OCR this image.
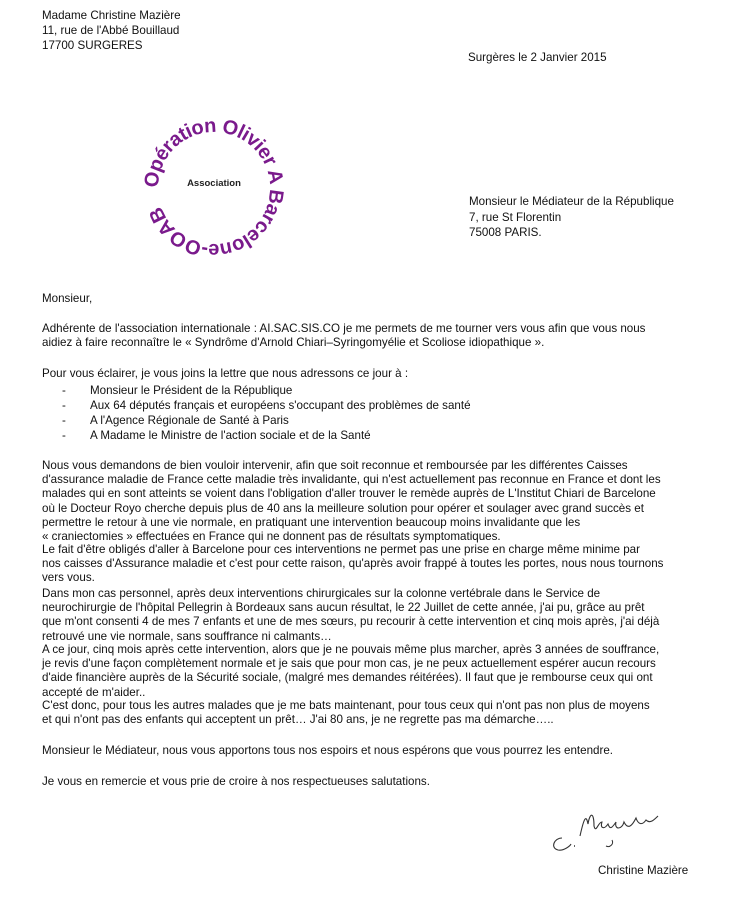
Madame Christine Mazière
11, rue de l'Abbé Bouillaud
17700 SURGERES
Surgères le 2 Janvier 2015
Opération Olivier A Barcelone-OOAB
Association
Monsieur le Médiateur de la République
7, rue St Florentin
75008 PARIS.
Monsieur,
Adhérente de l'association internationale : AI.SAC.SIS.CO je me permets de me tourner vers vous afin que vous nous
aidiez à faire reconnaître le « Syndrôme d'Arnold Chiari–Syringomyélie et Scoliose idiopathique ».
Pour vous éclairer, je vous joins la lettre que nous adressons ce jour à :
- Monsieur le Président de la République
- Aux 64 députés français et européens s'occupant des problèmes de santé
- A l'Agence Régionale de Santé à Paris
- A Madame le Ministre de l'action sociale et de la Santé
Nous vous demandons de bien vouloir intervenir, afin que soit reconnue et remboursée par les différentes Caisses
d'assurance maladie de France cette maladie très invalidante, qui n'est actuellement pas reconnue en France et dont les
malades qui en sont atteints se voient dans l'obligation d'aller trouver le remède auprès de L'Institut Chiari de Barcelone
où le Docteur Royo cherche depuis plus de 40 ans la meilleure solution pour opérer et soulager avec grand succès et
permettre le retour à une vie normale, en pratiquant une intervention beaucoup moins invalidante que les
« craniectomies » effectuées en France qui ne donnent pas de résultats symptomatiques.
Le fait d'être obligés d'aller à Barcelone pour ces interventions ne permet pas une prise en charge même minime par
nos caisses d'Assurance maladie et c'est pour cette raison, qu'après avoir frappé à toutes les portes, nous nous tournons
vers vous.
Dans mon cas personnel, après deux interventions chirurgicales sur la colonne vertébrale dans le Service de
neurochirurgie de l'hôpital Pellegrin à Bordeaux sans aucun résultat, le 22 Juillet de cette année, j'ai pu, grâce au prêt
que m'ont consenti 4 de mes 7 enfants et une de mes sœurs, pu recourir à cette intervention et cinq mois après, j'ai déjà
retrouvé une vie normale, sans souffrance ni calmants…
A ce jour, cinq mois après cette intervention, alors que je ne pouvais même plus marcher, après 3 années de souffrance,
je revis d'une façon complètement normale et je sais que pour mon cas, je ne peux actuellement espérer aucun recours
d'aide financière auprès de la Sécurité sociale, (malgré mes demandes réitérées). Il faut que je rembourse ceux qui ont
accepté de m'aider..
C'est donc, pour tous les autres malades que je me bats maintenant, pour tous ceux qui n'ont pas non plus de moyens
et qui n'ont pas des enfants qui acceptent un prêt… J'ai 80 ans, je ne regrette pas ma démarche…..
Monsieur le Médiateur, nous vous apportons tous nos espoirs et nous espérons que vous pourrez les entendre.
Je vous en remercie et vous prie de croire à nos respectueuses salutations.
Christine Mazière
